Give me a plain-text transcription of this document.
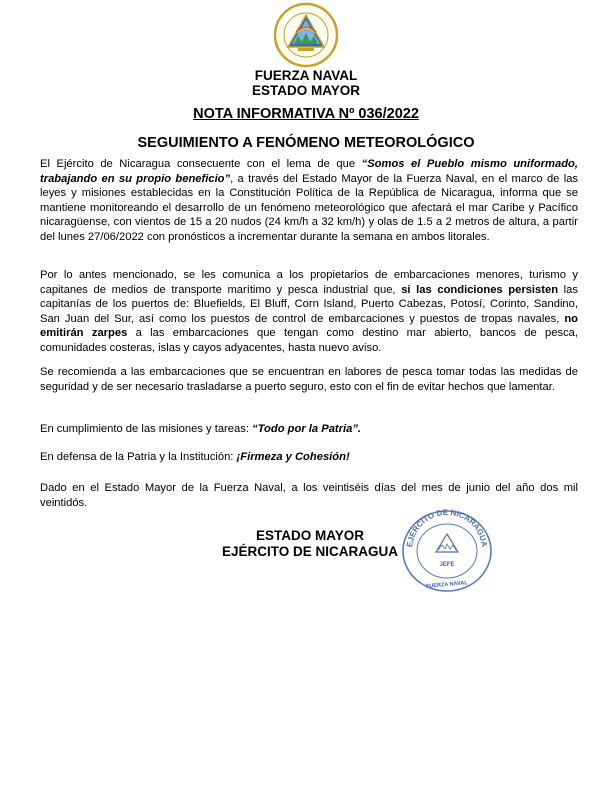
FUERZA NAVAL
ESTADO MAYOR
NOTA INFORMATIVA Nº 036/2022
SEGUIMIENTO A FENÓMENO METEOROLÓGICO

El Ejército de Nicaragua consecuente con el lema de que “Somos el Pueblo mismo uniformado, trabajando en su propio beneficio”, a través del Estado Mayor de la Fuerza Naval, en el marco de las leyes y misiones establecidas en la Constitución Política de la República de Nicaragua, informa que se mantiene monitoreando el desarrollo de un fenómeno meteorológico que afectará el mar Caribe y Pacífico nicaragüense, con vientos de 15 a 20 nudos (24 km/h a 32 km/h) y olas de 1.5 a 2 metros de altura, a partir del lunes 27/06/2022 con pronósticos a incrementar durante la semana en ambos litorales.

Por lo antes mencionado, se les comunica a los propietarios de embarcaciones menores, turismo y capitanes de medios de transporte marítimo y pesca industrial que, si las condiciones persisten las capitanías de los puertos de: Bluefields, El Bluff, Corn Island, Puerto Cabezas, Potosí, Corinto, Sandino, San Juan del Sur, así como los puestos de control de embarcaciones y puestos de tropas navales, no emitirán zarpes a las embarcaciones que tengan como destino mar abierto, bancos de pesca, comunidades costeras, islas y cayos adyacentes, hasta nuevo aviso.

Se recomienda a las embarcaciones que se encuentran en labores de pesca tomar todas las medidas de seguridad y de ser necesario trasladarse a puerto seguro, esto con el fin de evitar hechos que lamentar.

En cumplimiento de las misiones y tareas: “Todo por la Patria”.

En defensa de la Patria y la Institución: ¡Firmeza y Cohesión!

Dado en el Estado Mayor de la Fuerza Naval, a los veintiséis días del mes de junio del año dos mil veintidós.

ESTADO MAYOR
EJÉRCITO DE NICARAGUA EJÉRCITO DE NICARAGUA
JEFE
FUERZA NAVAL
